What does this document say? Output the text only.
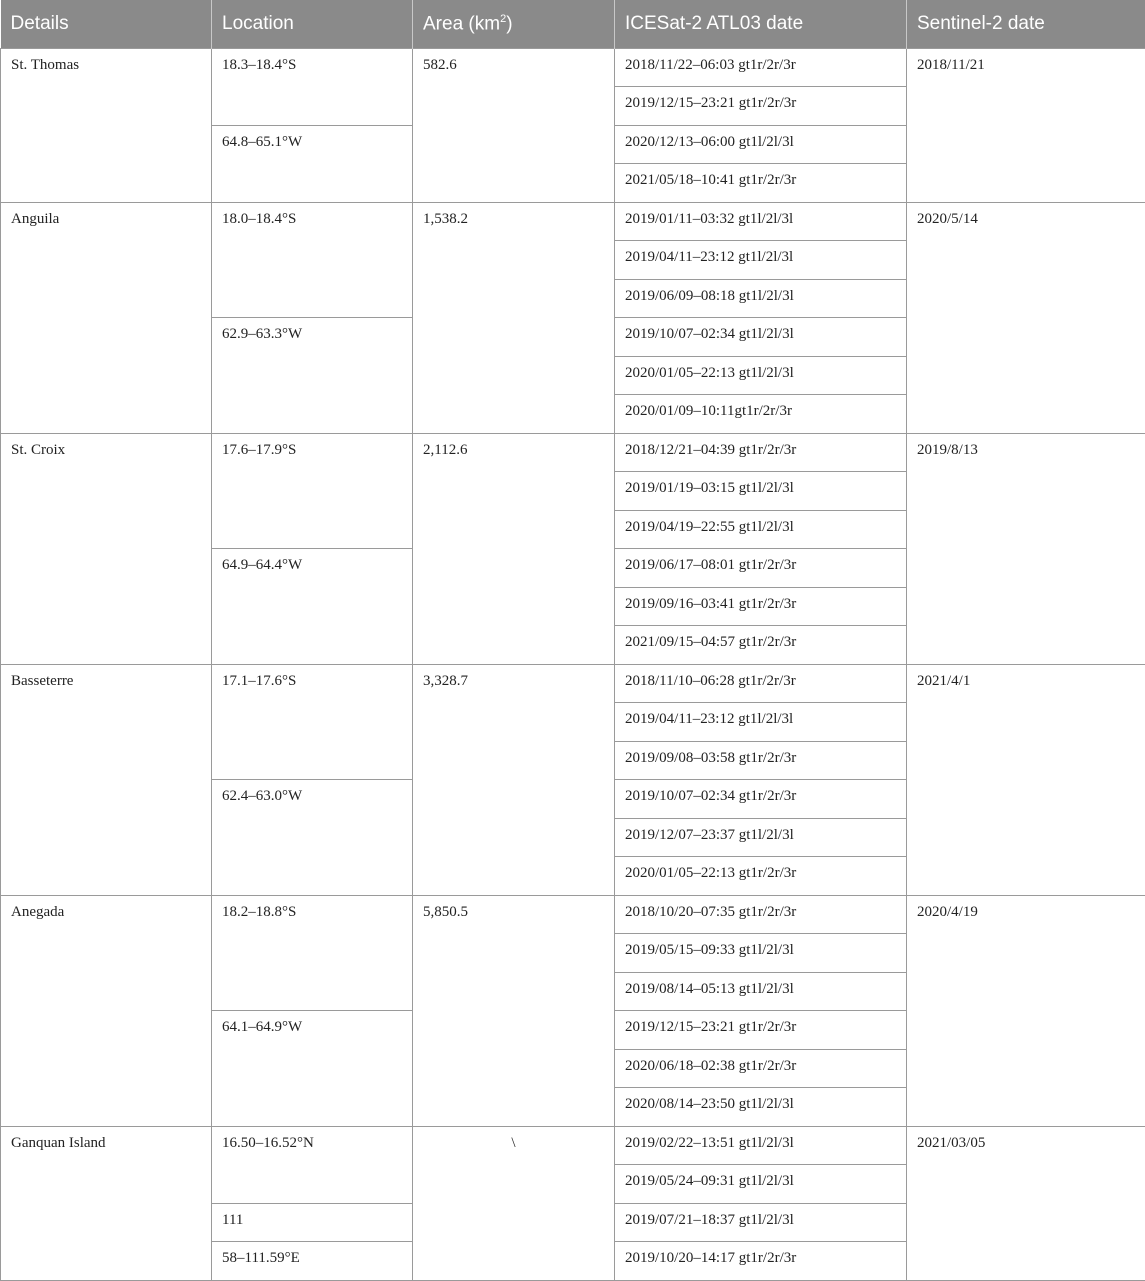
Details	Location	Area $(km^2)$	ICESat-2 ATL03 date	Sentinel-2 date
St. Thomas	18.3–18.4°S	582.6	2018/11/22–06:03 gt1r/2r/3r	2018/11/21
			2019/12/15–23:21 gt1r/2r/3r	
	64.8–65.1°W		2020/12/13–06:00 gt1l/2l/3l	
			2021/05/18–10:41 gt1r/2r/3r	
Anguila	18.0–18.4°S	1,538.2	2019/01/11–03:32 gt1l/2l/3l	2020/5/14
			2019/04/11–23:12 gt1l/2l/3l	
			2019/06/09–08:18 gt1l/2l/3l	
	62.9–63.3°W		2019/10/07–02:34 gt1l/2l/3l	
			2020/01/05–22:13 gt1l/2l/3l	
			2020/01/09–10:11gt1r/2r/3r	
St. Croix	17.6–17.9°S	2,112.6	2018/12/21–04:39 gt1r/2r/3r	2019/8/13
			2019/01/19–03:15 gt1l/2l/3l	
			2019/04/19–22:55 gt1l/2l/3l	
	64.9–64.4°W		2019/06/17–08:01 gt1r/2r/3r	
			2019/09/16–03:41 gt1r/2r/3r	
			2021/09/15–04:57 gt1r/2r/3r	
Basseterre	17.1–17.6°S	3,328.7	2018/11/10–06:28 gt1r/2r/3r	2021/4/1
			2019/04/11–23:12 gt1l/2l/3l	
			2019/09/08–03:58 gt1r/2r/3r	
	62.4–63.0°W		2019/10/07–02:34 gt1r/2r/3r	
			2019/12/07–23:37 gt1l/2l/3l	
			2020/01/05–22:13 gt1r/2r/3r	
Anegada	18.2–18.8°S	5,850.5	2018/10/20–07:35 gt1r/2r/3r	2020/4/19
			2019/05/15–09:33 gt1l/2l/3l	
			2019/08/14–05:13 gt1l/2l/3l	
	64.1–64.9°W		2019/12/15–23:21 gt1r/2r/3r	
			2020/06/18–02:38 gt1r/2r/3r	
			2020/08/14–23:50 gt1l/2l/3l	
Ganquan Island	16.50–16.52°N	\	2019/02/22–13:51 gt1l/2l/3l	2021/03/05
			2019/05/24–09:31 gt1l/2l/3l	
	111		2019/07/21–18:37 gt1l/2l/3l	
	58–111.59°E		2019/10/20–14:17 gt1r/2r/3r	
